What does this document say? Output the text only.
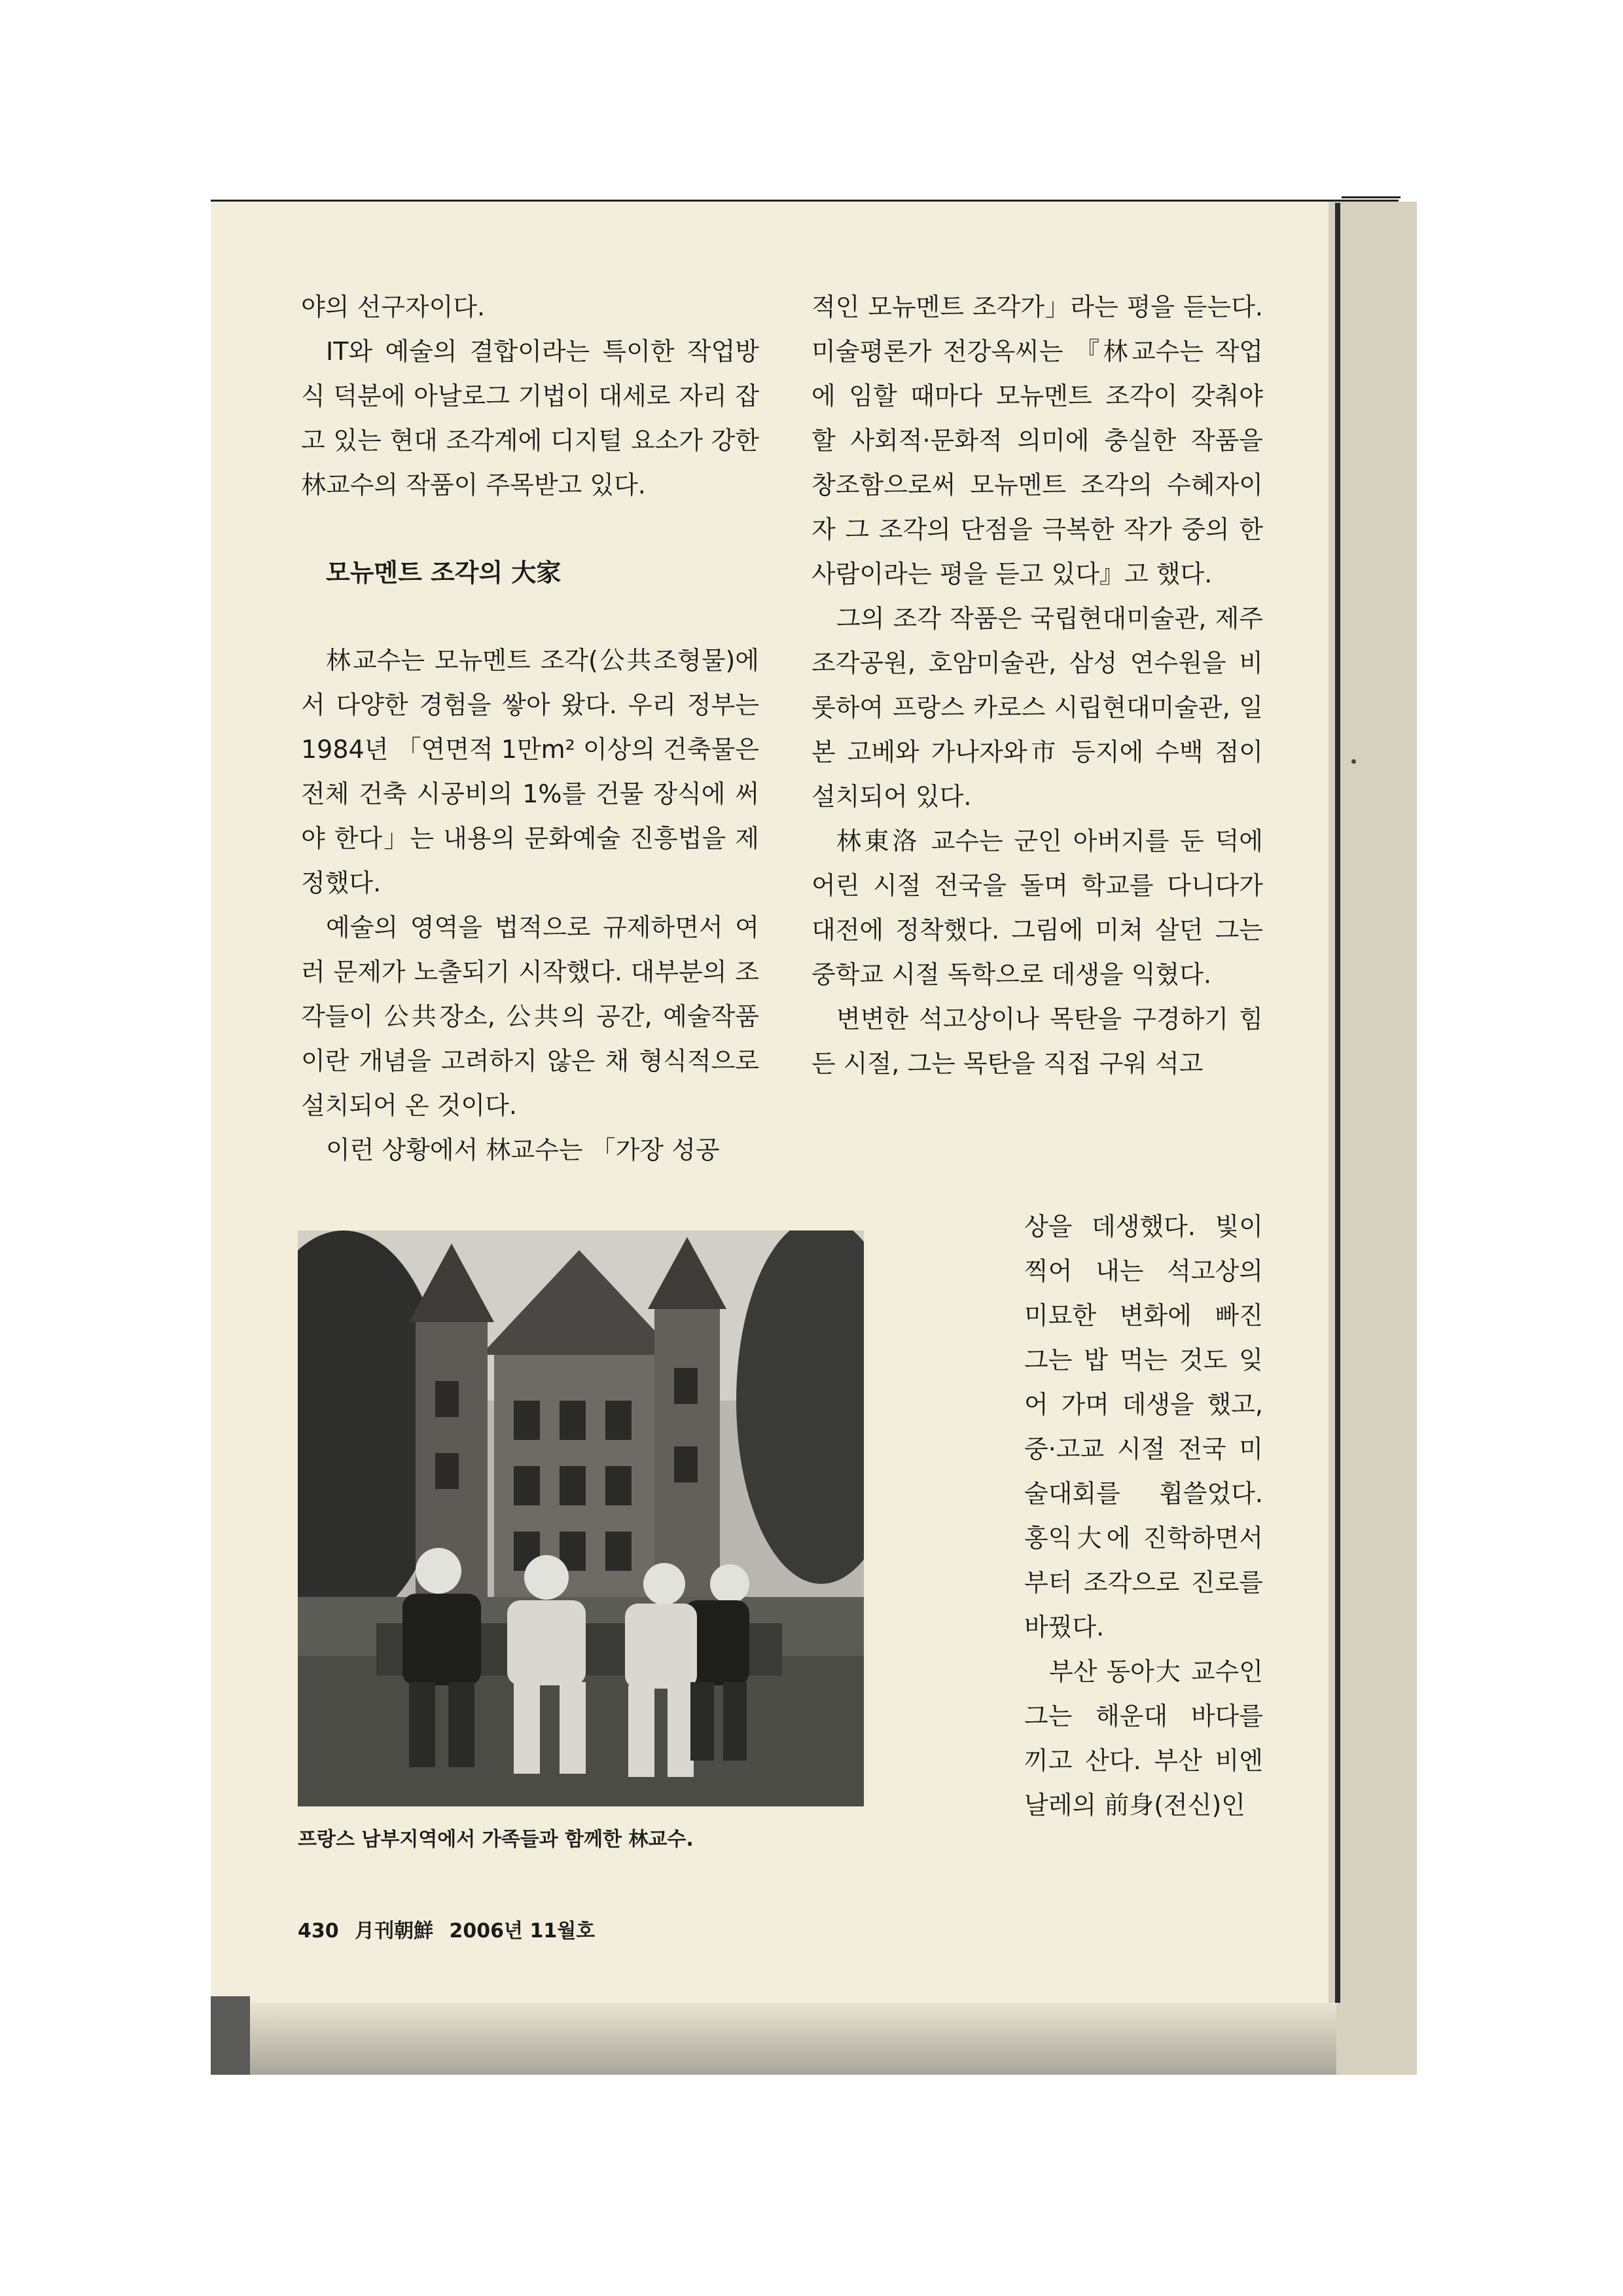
야의 선구자이다.

IT와 예술의 결합이라는 특이한 작업방식 덕분에 아날로그 기법이 대세로 자리 잡고 있는 현대 조각계에 디지털 요소가 강한 林교수의 작품이 주목받고 있다.

모뉴멘트 조각의 大家

林교수는 모뉴멘트 조각(公共조형물)에서 다양한 경험을 쌓아 왔다. 우리 정부는 1984년 「연면적 1만m² 이상의 건축물은 전체 건축 시공비의 1%를 건물 장식에 써야 한다」는 내용의 문화예술 진흥법을 제정했다.

예술의 영역을 법적으로 규제하면서 여러 문제가 노출되기 시작했다. 대부분의 조각들이 公共장소, 公共의 공간, 예술작품이란 개념을 고려하지 않은 채 형식적으로 설치되어 온 것이다.

이런 상황에서 林교수는 「가장 성공

적인 모뉴멘트 조각가」라는 평을 듣는다. 미술평론가 전강옥씨는 『林교수는 작업에 임할 때마다 모뉴멘트 조각이 갖춰야 할 사회적·문화적 의미에 충실한 작품을 창조함으로써 모뉴멘트 조각의 수혜자이자 그 조각의 단점을 극복한 작가 중의 한 사람이라는 평을 듣고 있다』고 했다.

그의 조각 작품은 국립현대미술관, 제주 조각공원, 호암미술관, 삼성 연수원을 비롯하여 프랑스 카로스 시립현대미술관, 일본 고베와 가나자와市 등지에 수백 점이 설치되어 있다.

林東洛 교수는 군인 아버지를 둔 덕에 어린 시절 전국을 돌며 학교를 다니다가 대전에 정착했다. 그림에 미쳐 살던 그는 중학교 시절 독학으로 데생을 익혔다.

변변한 석고상이나 목탄을 구경하기 힘든 시절, 그는 목탄을 직접 구워 석고

상을 데생했다. 빛이 찍어 내는 석고상의 미묘한 변화에 빠진 그는 밥 먹는 것도 잊어 가며 데생을 했고, 중·고교 시절 전국 미술대회를 휩쓸었다. 홍익大에 진학하면서부터 조각으로 진로를 바꿨다.

부산 동아大 교수인 그는 해운대 바다를 끼고 산다. 부산 비엔날레의 前身(전신)인

프랑스 남부지역에서 가족들과 함께한 林교수.
430 月刊朝鮮 2006년 11월호
